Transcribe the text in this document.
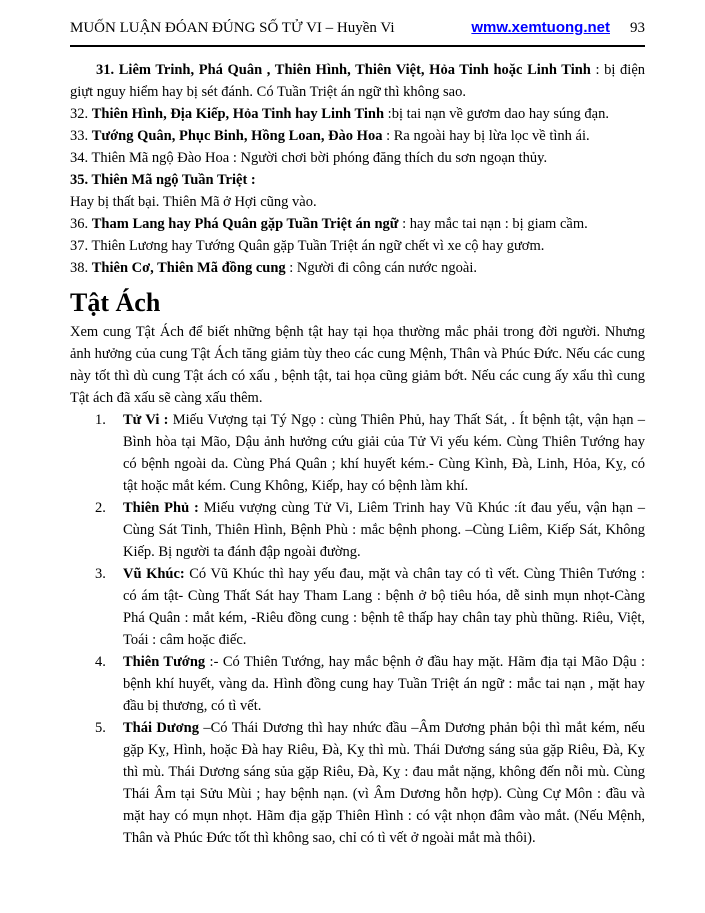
MUỐN LUẬN ĐÓAN ĐÚNG SỐ TỬ VI – Huyền Vi	wmw.xemtuong.net 93

31. Liêm Trinh, Phá Quân , Thiên Hình, Thiên Việt, Hỏa Tinh hoặc Linh Tinh : bị điện giựt nguy hiểm hay bị sét đánh. Có Tuần Triệt án ngữ thì không sao.

32. Thiên Hình, Địa Kiếp, Hỏa Tinh hay Linh Tinh :bị tai nạn về gươm dao hay súng đạn.

33. Tướng Quân, Phục Binh, Hồng Loan, Đào Hoa : Ra ngoài hay bị lừa lọc về tình ái.

34. Thiên Mã ngộ Đào Hoa : Người chơi bời phóng đăng thích du sơn ngoạn thủy.

35. Thiên Mã ngộ Tuần Triệt :

Hay bị thất bại. Thiên Mã ở Hợi cũng vào.

36. Tham Lang hay Phá Quân gặp Tuần Triệt án ngữ : hay mắc tai nạn : bị giam cầm.

37. Thiên Lương hay Tướng Quân gặp Tuần Triệt án ngữ chết vì xe cộ hay gươm.

38. Thiên Cơ, Thiên Mã đồng cung : Người đi công cán nước ngoài.

Tật Ách

Xem cung Tật Ách để biết những bệnh tật hay tại họa thường mắc phải trong đời người. Nhưng ảnh hưởng của cung Tật Ách tăng giảm tùy theo các cung Mệnh, Thân và Phúc Đức. Nếu các cung này tốt thì dù cung Tật ách có xấu , bệnh tật, tai họa cũng giảm bớt. Nếu các cung ấy xẩu thì cung Tật ách đã xấu sẽ càng xấu thêm.

1.	Tử Vi : Miếu Vượng tại Tý Ngọ : cùng Thiên Phủ, hay Thất Sát, . Ít bệnh tật, vận hạn – Bình hòa tại Mão, Dậu ảnh hưởng cứu giải của Tử Vi yếu kém. Cùng Thiên Tướng hay có bệnh ngoài da. Cùng Phá Quân ; khí huyết kém.- Cùng Kình, Đà, Linh, Hỏa, Kỵ, có tật hoặc mắt kém. Cung Không, Kiếp, hay có bệnh làm khí.
2.	Thiên Phủ : Miếu vượng cùng Tử Vi, Liêm Trinh hay Vũ Khúc :ít đau yếu, vận hạn – Cùng Sát Tinh, Thiên Hình, Bệnh Phù : mắc bệnh phong. –Cùng Liêm, Kiếp Sát, Không Kiếp. Bị người ta đánh đập ngoài đường.
3.	Vũ Khúc: Có Vũ Khúc thì hay yếu đau, mặt và chân tay có tì vết. Cùng Thiên Tướng : có ám tật- Cùng Thất Sát hay Tham Lang : bệnh ở bộ tiêu hóa, dễ sinh mụn nhọt-Càng Phá Quân : mắt kém, -Riêu đồng cung : bệnh tê thấp hay chân tay phù thũng. Riêu, Việt, Toái : câm hoặc điếc.
4.	Thiên Tướng :- Có Thiên Tướng, hay mắc bệnh ở đầu hay mặt. Hãm địa tại Mão Dậu : bệnh khí huyết, vàng da. Hình đồng cung hay Tuần Triệt án ngữ : mắc tai nạn , mặt hay đầu bị thương, có tì vết.
5.	Thái Dương –Có Thái Dương thì hay nhức đầu –Âm Dương phản bội thì mắt kém, nếu gặp Kỵ, Hình, hoặc Đà hay Riêu, Đà, Kỵ thì mù. Thái Dương sáng sủa gặp Riêu, Đà, Kỵ thì mù. Thái Dương sáng sủa gặp Riêu, Đà, Kỵ : đau mắt nặng, không đến nỗi mù. Cùng Thái Âm tại Sửu Mùi ; hay bệnh nạn. (vì Âm Dương hỗn hợp). Cùng Cự Môn : đầu và mặt hay có mụn nhọt. Hãm địa gặp Thiên Hình : có vật nhọn đâm vào mắt. (Nếu Mệnh, Thân và Phúc Đức tốt thì không sao, chỉ có tì vết ở ngoài mắt mà thôi).
